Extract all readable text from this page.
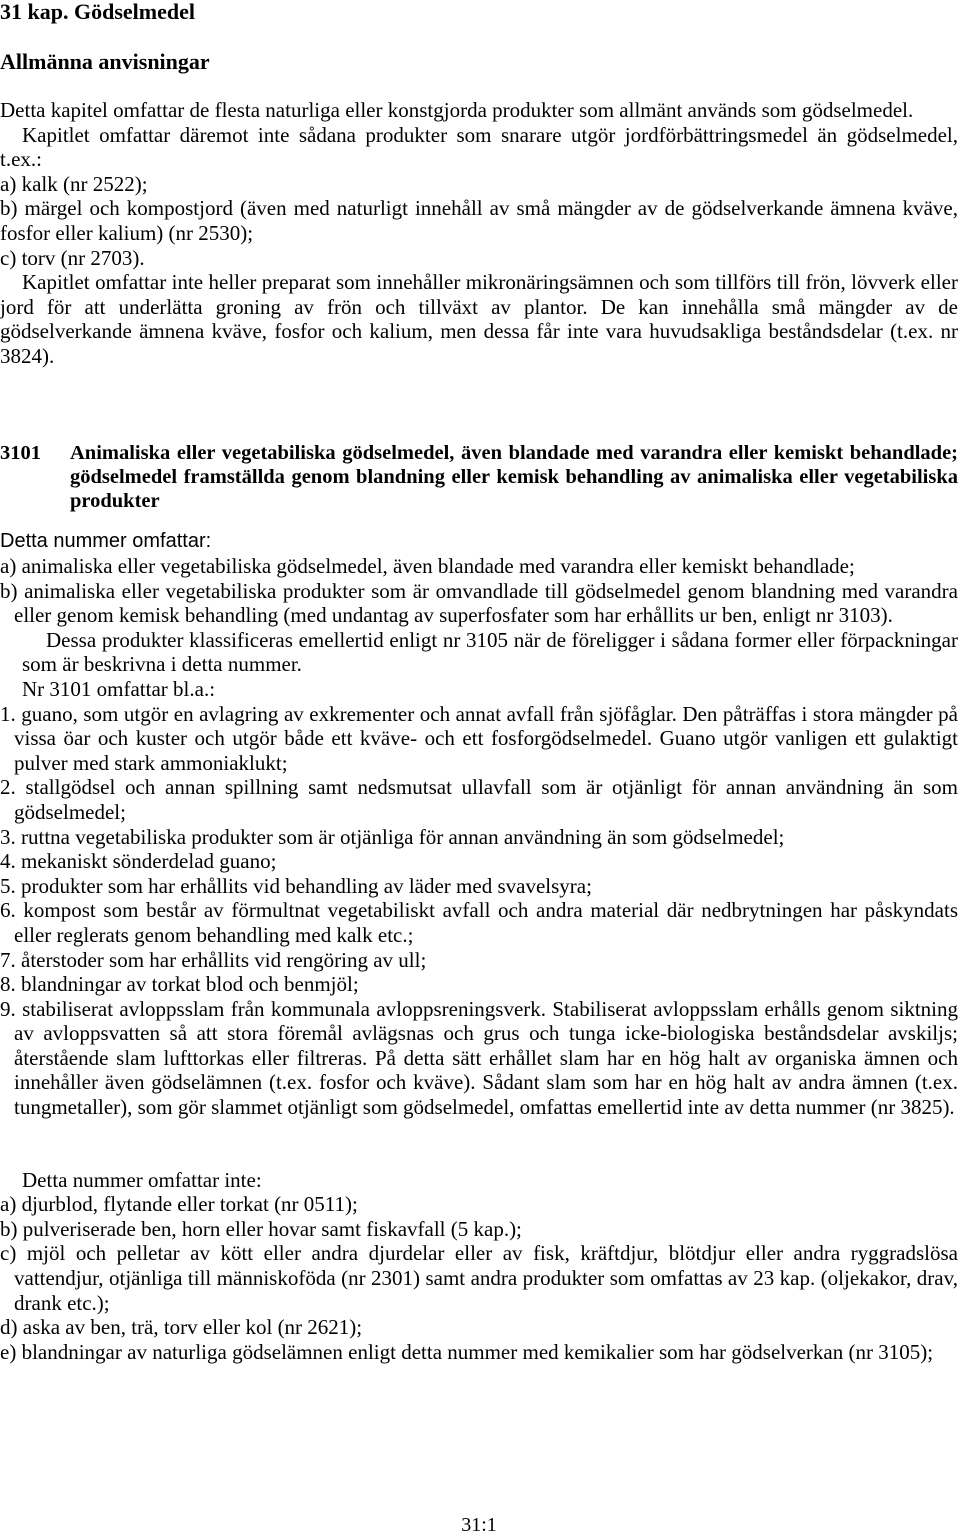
31 kap. Gödselmedel

Allmänna anvisningar

Detta kapitel omfattar de flesta naturliga eller konstgjorda produkter som allmänt används som gödselmedel.

Kapitlet omfattar däremot inte sådana produkter som snarare utgör jordförbättringsmedel än gödselmedel, t.ex.:

a) kalk (nr 2522);

b) märgel och kompostjord (även med naturligt innehåll av små mängder av de gödselverkande ämnena kväve, fosfor eller kalium) (nr 2530);

c) torv (nr 2703).

Kapitlet omfattar inte heller preparat som innehåller mikronäringsämnen och som tillförs till frön, lövverk eller jord för att underlätta groning av frön och tillväxt av plantor. De kan innehålla små mängder av de gödselverkande ämnena kväve, fosfor och kalium, men dessa får inte vara huvudsakliga beståndsdelar (t.ex. nr 3824).

3101	Animaliska eller vegetabiliska gödselmedel, även blandade med varandra eller kemiskt behandlade; gödselmedel framställda genom blandning eller kemisk behandling av animaliska eller vegetabiliska produkter

Detta nummer omfattar:

a) animaliska eller vegetabiliska gödselmedel, även blandade med varandra eller kemiskt behandlade;

b) animaliska eller vegetabiliska produkter som är omvandlade till gödselmedel genom blandning med varandra eller genom kemisk behandling (med undantag av superfosfater som har erhållits ur ben, enligt nr 3103).

Dessa produkter klassificeras emellertid enligt nr 3105 när de föreligger i sådana former eller förpackningar som är beskrivna i detta nummer.

Nr 3101 omfattar bl.a.:

1. guano, som utgör en avlagring av exkrementer och annat avfall från sjöfåglar. Den påträffas i stora mängder på vissa öar och kuster och utgör både ett kväve- och ett fosforgödselmedel. Guano utgör vanligen ett gulaktigt pulver med stark ammoniaklukt;

2. stallgödsel och annan spillning samt nedsmutsat ullavfall som är otjänligt för annan användning än som gödselmedel;

3. ruttna vegetabiliska produkter som är otjänliga för annan användning än som gödselmedel;

4. mekaniskt sönderdelad guano;

5. produkter som har erhållits vid behandling av läder med svavelsyra;

6. kompost som består av förmultnat vegetabiliskt avfall och andra material där nedbrytningen har påskyndats eller reglerats genom behandling med kalk etc.;

7. återstoder som har erhållits vid rengöring av ull;

8. blandningar av torkat blod och benmjöl;

9. stabiliserat avloppsslam från kommunala avloppsreningsverk. Stabiliserat avloppsslam erhålls genom siktning av avloppsvatten så att stora föremål avlägsnas och grus och tunga icke-biologiska beståndsdelar avskiljs; återstående slam lufttorkas eller filtreras. På detta sätt erhållet slam har en hög halt av organiska ämnen och innehåller även gödselämnen (t.ex. fosfor och kväve). Sådant slam som har en hög halt av andra ämnen (t.ex. tungmetaller), som gör slammet otjänligt som gödselmedel, omfattas emellertid inte av detta nummer (nr 3825).

Detta nummer omfattar inte:

a) djurblod, flytande eller torkat (nr 0511);

b) pulveriserade ben, horn eller hovar samt fiskavfall (5 kap.);

c) mjöl och pelletar av kött eller andra djurdelar eller av fisk, kräftdjur, blötdjur eller andra ryggradslösa vattendjur, otjänliga till människoföda (nr 2301) samt andra produkter som omfattas av 23 kap. (oljekakor, drav, drank etc.);

d) aska av ben, trä, torv eller kol (nr 2621);

e) blandningar av naturliga gödselämnen enligt detta nummer med kemikalier som har gödselverkan (nr 3105);

31:1
